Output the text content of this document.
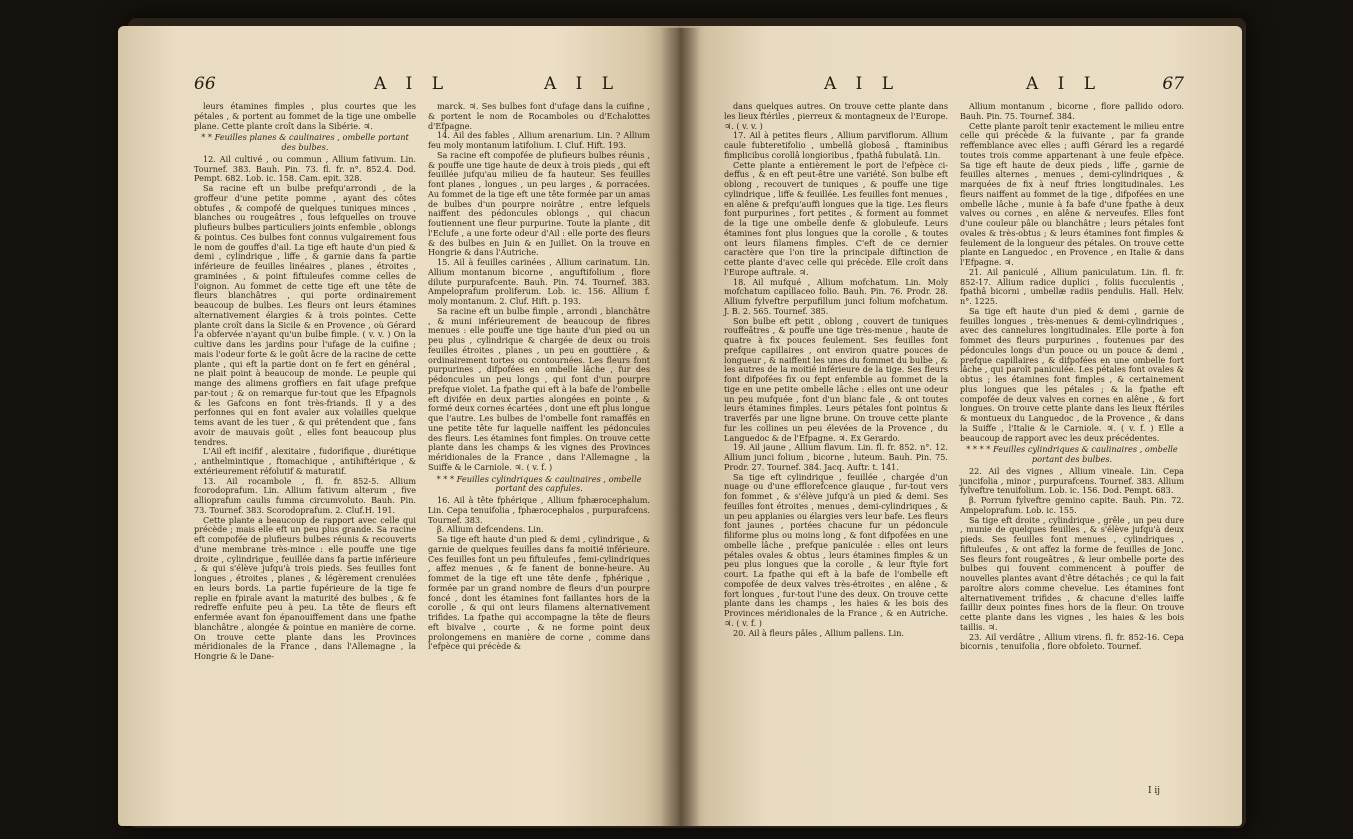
66	A I L	A I L

leurs étamines fimples , plus courtes que les pétales , & portent au fommet de la tige une ombelle plane. Cette plante croît dans la Sibérie. ♃.

* * Feuilles planes & caulinaires , ombelle portant des bulbes.

12. Ail cultivé , ou commun , Allium fativum. Lin. Tournef. 383. Bauh. Pin. 73. fl. fr. n°. 852.4. Dod. Pempt. 682. Lob. ic. 158. Cam. epit. 328.

Sa racine eft un bulbe prefqu'arrondi , de la groffeur d'une petite pomme , ayant des côtes obtufes , & compofé de quelques tuniques minces , blanches ou rougeâtres , fous lefquelles on trouve plufieurs bulbes particuliers joints enfemble , oblongs & pointus. Ces bulbes font connus vulgairement fous le nom de gouffes d'ail. La tige eft haute d'un pied & demi , cylindrique , liffe , & garnie dans fa partie inférieure de feuilles linéaires , planes , étroites , graminées , & point fiftuleufes comme celles de l'oignon. Au fommet de cette tige eft une tête de fleurs blanchâtres , qui porte ordinairement beaucoup de bulbes. Les fleurs ont leurs étamines alternativement élargies & à trois pointes. Cette plante croît dans la Sicile & en Provence , où Gérard l'a obfervée n'ayant qu'un bulbe fimple. ( v. v. ) On la cultive dans les jardins pour l'ufage de la cuifine ; mais l'odeur forte & le goût âcre de la racine de cette plante , qui eft la partie dont on fe fert en général , ne plait point à beaucoup de monde. Le peuple qui mange des alimens groffiers en fait ufage prefque par-tout ; & on remarque fur-tout que les Efpagnols & les Gafcons en font très-friands. Il y a des perfonnes qui en font avaler aux volailles quelque tems avant de les tuer , & qui prétendent que , fans avoir de mauvais goût , elles font beaucoup plus tendres.

L'Ail eft incifif , alexitaire , fudorifique , diurétique , anthelmintique , ftomachique , antihiftérique , & extérieurement réfolutif & maturatif.

13. Ail rocambole , fl. fr. 852-5. Allium fcorodoprafum. Lin. Allium fativum alterum , five allioprafum caulis fumma circumvoluto. Bauh. Pin. 73. Tournef. 383. Scorodoprafum. 2. Cluf.H. 191.

Cette plante a beaucoup de rapport avec celle qui précède ; mais elle eft un peu plus grande. Sa racine eft compofée de plufieurs bulbes réunis & recouverts d'une membrane très-mince : elle pouffe une tige droite , cylindrique , feuillée dans fa partie inférieure , & qui s'élève jufqu'à trois pieds. Ses feuilles font longues , étroites , planes , & légèrement crenulées en leurs bords. La partie fupérieure de la tige fe replie en fpirale avant la maturité des bulbes , & fe redreffe enfuite peu à peu. La tête de fleurs eft enfermée avant fon épanouiffement dans une fpathe blanchâtre , alongée & pointue en manière de corne. On trouve cette plante dans les Provinces méridionales de la France , dans l'Allemagne , la Hongrie & le Dane-

marck. ♃. Ses bulbes font d'ufage dans la cuifine , & portent le nom de Rocamboles ou d'Echalottes d'Efpagne.

14. Ail des fables , Allium arenarium. Lin. ? Allium feu moly montanum latifolium. I. Cluf. Hift. 193.

Sa racine eft compofée de plufieurs bulbes réunis , & pouffe une tige haute de deux à trois pieds , qui eft feuillée jufqu'au milieu de fa hauteur. Ses feuilles font planes , longues , un peu larges , & porracées. Au fommet de la tige eft une tête formée par un amas de bulbes d'un pourpre noirâtre , entre lefquels naiffent des pédoncules oblongs , qui chacun foutiennent une fleur purpurine. Toute la plante , dit l'Eclufe , a une forte odeur d'Ail : elle porte des fleurs & des bulbes en Juin & en Juillet. On la trouve en Hongrie & dans l'Autriche.

15. Ail à feuilles carinées , Allium carinatum. Lin. Allium montanum bicorne , anguftifolium , flore dilute purpurafcente. Bauh. Pin. 74. Tournef. 383. Ampeloprafum proliferum. Lob. ic. 156. Allium f. moly montanum. 2. Cluf. Hift. p. 193.

Sa racine eft un bulbe fimple , arrondi , blanchâtre , & muni inférieurement de beaucoup de fibres menues : elle pouffe une tige haute d'un pied ou un peu plus , cylindrique & chargée de deux ou trois feuilles étroites , planes , un peu en gouttière , & ordinairement tortes ou contournées. Les fleurs font purpurines , difpofées en ombelle lâche , fur des pédoncules un peu longs , qui font d'un pourpre prefque violet. La fpathe qui eft à la bafe de l'ombelle eft divifée en deux parties alongées en pointe , & formé deux cornes écartées , dont une eft plus longue que l'autre. Les bulbes de l'ombelle font ramaffés en une petite tête fur laquelle naiffent les pédoncules des fleurs. Les étamines font fimples. On trouve cette plante dans les champs & les vignes des Provinces méridionales de la France , dans l'Allemagne , la Suiffe & le Carniole. ♃. ( v. f. )

* * * Feuilles cylindriques & caulinaires , ombelle portant des capfules.

16. Ail à tête fphérique , Allium fphærocephalum. Lin. Cepa tenuifolia , fphærocephalos , purpurafcens. Tournef. 383.

β. Allium defcendens. Lin.

Sa tige eft haute d'un pied & demi , cylindrique , & garnie de quelques feuilles dans fa moitié inférieure. Ces feuilles font un peu fiftuleufes , femi-cylindriques , affez menues , & fe fanent de bonne-heure. Au fommet de la tige eft une tête denfe , fphérique , formée par un grand nombre de fleurs d'un pourpre foncé , dont les étamines font faillantes hors de la corolle , & qui ont leurs filamens alternativement trifides. La fpathe qui accompagne la tête de fleurs eft bivalve , courte , & ne forme point deux prolongemens en manière de corne , comme dans l'efpèce qui précède &

A I L	A I L	67

dans quelques autres. On trouve cette plante dans les lieux ftériles , pierreux & montagneux de l'Europe. ♃. ( v. v. )

17. Ail à petites fleurs , Allium parviflorum. Allium caule fubteretifolio , umbellâ globosâ , ftaminibus fimplicibus corollâ longioribus , fpathâ fubulatâ. Lin.

Cette plante a entièrement le port de l'efpèce ci-deffus , & en eft peut-être une variété. Son bulbe eft oblong , recouvert de tuniques , & pouffe une tige cylindrique , liffe & feuillée. Les feuilles font menues , en alêne & prefqu'auffi longues que la tige. Les fleurs font purpurines , fort petites , & forment au fommet de la tige une ombelle denfe & globuleufe. Leurs étamines font plus longues que la corolle , & toutes ont leurs filamens fimples. C'eft de ce dernier caractère que l'on tire la principale diftinction de cette plante d'avec celle qui précède. Elle croît dans l'Europe auftrale. ♃.

18. Ail mufqué , Allium mofchatum. Lin. Moly mofchatum capillaceo folio. Bauh. Pin. 76. Prodr. 28. Allium fylveftre perpufillum junci folium mofchatum. J. B. 2. 565. Tournef. 385.

Son bulbe eft petit , oblong , couvert de tuniques rouffeâtres , & pouffe une tige très-menue , haute de quatre à fix pouces feulement. Ses feuilles font prefque capillaires , ont environ quatre pouces de longueur , & naiffent les unes du fommet du bulbe , & les autres de la moitié inférieure de la tige. Ses fleurs font difpofées fix ou fept enfemble au fommet de la tige en une petite ombelle lâche : elles ont une odeur un peu mufquée , font d'un blanc fale , & ont toutes leurs étamines fimples. Leurs pétales font pointus & traverfés par une ligne brune. On trouve cette plante fur les collines un peu élevées de la Provence , du Languedoc & de l'Efpagne. ♃. Ex Gerardo.

19. Ail jaune , Allium flavum. Lin. fl. fr. 852. n°. 12. Allium junci folium , bicorne , luteum. Bauh. Pin. 75. Prodr. 27. Tournef. 384. Jacq. Auftr. t. 141.

Sa tige eft cylindrique , feuillée , chargée d'un nuage ou d'une efflorefcence glauque , fur-tout vers fon fommet , & s'élève jufqu'à un pied & demi. Ses feuilles font étroites , menues , demi-cylindriques , & un peu applanies ou élargies vers leur bafe. Les fleurs font jaunes , portées chacune fur un pédoncule filiforme plus ou moins long , & font difpofées en une ombelle lâche , prefque paniculée : elles ont leurs pétales ovales & obtus , leurs étamines fimples & un peu plus longues que la corolle , & leur ftyle fort court. La fpathe qui eft à la bafe de l'ombelle eft compofée de deux valves très-étroites , en alêne , & fort longues , fur-tout l'une des deux. On trouve cette plante dans les champs , les haies & les bois des Provinces méridionales de la France , & en Autriche. ♃. ( v. f. )

20. Ail à fleurs pâles , Allium pallens. Lin.

Allium montanum , bicorne , flore pallido odoro. Bauh. Pin. 75. Tournef. 384.

Cette plante paroît tenir exactement le milieu entre celle qui précède & la fuivante , par fa grande reffemblance avec elles ; auffi Gérard les a regardé toutes trois comme appartenant à une feule efpèce. Sa tige eft haute de deux pieds , liffe , garnie de feuilles alternes , menues , demi-cylindriques , & marquées de fix à neuf ftries longitudinales. Les fleurs naiffent au fommet de la tige , difpofées en une ombelle lâche , munie à fa bafe d'une fpathe à deux valves ou cornes , en alêne & nerveufes. Elles font d'une couleur pâle ou blanchâtre ; leurs pétales font ovales & très-obtus ; & leurs étamines font fimples & feulement de la longueur des pétales. On trouve cette plante en Languedoc , en Provence , en Italie & dans l'Efpagne. ♃.

21. Ail paniculé , Allium paniculatum. Lin. fl. fr. 852-17. Allium radice duplici , foliis fucculentis , fpathâ bicorni , umbellæ radiis pendulis. Hall. Helv. n°. 1225.

Sa tige eft haute d'un pied & demi , garnie de feuilles longues , très-menues & demi-cylindriques , avec des cannelures longitudinales. Elle porte à fon fommet des fleurs purpurines , foutenues par des pédoncules longs d'un pouce ou un pouce & demi , prefque capillaires , & difpofées en une ombelle fort lâche , qui paroît paniculée. Les pétales font ovales & obtus ; les étamines font fimples , & certainement plus longues que les pétales ; & la fpathe eft compofée de deux valves en cornes en alêne , & fort longues. On trouve cette plante dans les lieux ftériles & montueux du Languedoc , de la Provence , & dans la Suiffe , l'Italie & le Carniole. ♃. ( v. f. ) Elle a beaucoup de rapport avec les deux précédentes.

* * * * Feuilles cylindriques & caulinaires , ombelle portant des bulbes.

22. Ail des vignes , Allium vineale. Lin. Cepa juncifolia , minor , purpurafcens. Tournef. 383. Allium fylveftre tenuifolium. Lob. ic. 156. Dod. Pempt. 683.

β. Porrum fylveftre gemino capite. Bauh. Pin. 72. Ampeloprafum. Lob. ic. 155.

Sa tige eft droite , cylindrique , grêle , un peu dure , munie de quelques feuilles , & s'élève jufqu'à deux pieds. Ses feuilles font menues , cylindriques , fiftuleufes , & ont affez la forme de feuilles de Jonc. Ses fleurs font rougeâtres , & leur ombelle porte des bulbes qui fouvent commencent à pouffer de nouvelles plantes avant d'être détachés ; ce qui la fait paroître alors comme chevelue. Les étamines font alternativement trifides , & chacune d'elles laiffe faillir deux pointes fines hors de la fleur. On trouve cette plante dans les vignes , les haies & les bois taillis. ♃.

23. Ail verdâtre , Allium virens. fl. fr. 852-16. Cepa bicornis , tenuifolia , flore obfoleto. Tournef.

I ij
